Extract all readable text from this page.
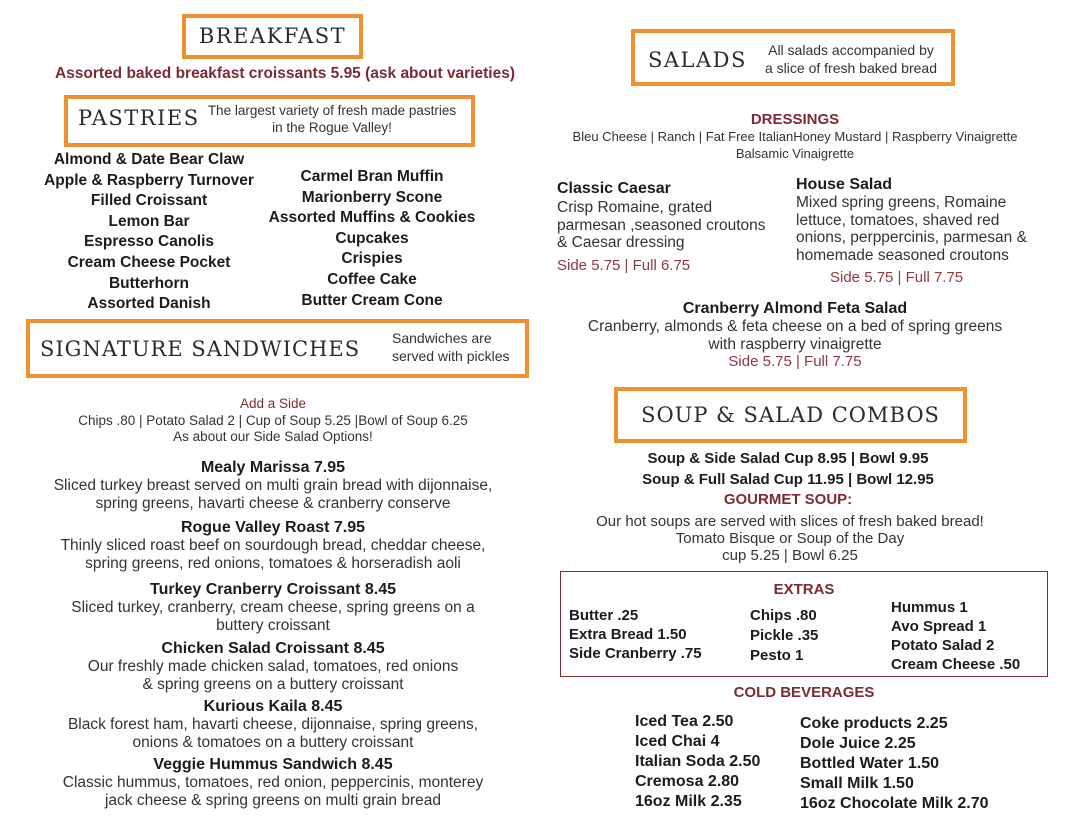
BREAKFAST
Assorted baked breakfast croissants 5.95 (ask about varieties)
PASTRIES The largest variety of fresh made pastries
in the Rogue Valley!
Almond & Date Bear Claw
Apple & Raspberry Turnover
Filled Croissant
Lemon Bar
Espresso Canolis
Cream Cheese Pocket
Butterhorn
Assorted Danish
Carmel Bran Muffin
Marionberry Scone
Assorted Muffins & Cookies
Cupcakes
Crispies
Coffee Cake
Butter Cream Cone
SIGNATURE SANDWICHES Sandwiches are
served with pickles
Add a Side
Chips .80 | Potato Salad 2 | Cup of Soup 5.25 |Bowl of Soup 6.25
As about our Side Salad Options!
Mealy Marissa 7.95
Sliced turkey breast served on multi grain bread with dijonnaise,
spring greens, havarti cheese & cranberry conserve
Rogue Valley Roast 7.95
Thinly sliced roast beef on sourdough bread, cheddar cheese,
spring greens, red onions, tomatoes & horseradish aoli
Turkey Cranberry Croissant 8.45
Sliced turkey, cranberry, cream cheese, spring greens on a
buttery croissant
Chicken Salad Croissant 8.45
Our freshly made chicken salad, tomatoes, red onions
& spring greens on a buttery croissant
Kurious Kaila 8.45
Black forest ham, havarti cheese, dijonnaise, spring greens,
onions & tomatoes on a buttery croissant
Veggie Hummus Sandwich 8.45
Classic hummus, tomatoes, red onion, peppercinis, monterey
jack cheese & spring greens on multi grain bread
SALADS	All salads accompanied by
a slice of fresh baked bread
DRESSINGS
Bleu Cheese | Ranch | Fat Free ItalianHoney Mustard | Raspberry Vinaigrette
Balsamic Vinaigrette
Classic Caesar
Crisp Romaine, grated
parmesan ,seasoned croutons
& Caesar dressing
Side 5.75 | Full 6.75
House Salad
Mixed spring greens, Romaine
lettuce, tomatoes, shaved red
onions, perppercinis, parmesan &
homemade seasoned croutons
Side 5.75 | Full 7.75
Cranberry Almond Feta Salad
Cranberry, almonds & feta cheese on a bed of spring greens
with raspberry vinaigrette
Side 5.75 | Full 7.75
SOUP & SALAD COMBOS
Soup & Side Salad Cup 8.95 | Bowl 9.95
Soup & Full Salad Cup 11.95 | Bowl 12.95
GOURMET SOUP:
Our hot soups are served with slices of fresh baked bread!
Tomato Bisque or Soup of the Day
cup 5.25 | Bowl 6.25
EXTRAS
Butter .25
Extra Bread 1.50
Side Cranberry .75
Chips .80
Pickle .35
Pesto 1
Hummus 1
Avo Spread 1
Potato Salad 2
Cream Cheese .50
COLD BEVERAGES
Iced Tea 2.50
Iced Chai 4
Italian Soda 2.50
Cremosa 2.80
16oz Milk 2.35
Coke products 2.25
Dole Juice 2.25
Bottled Water 1.50
Small Milk 1.50
16oz Chocolate Milk 2.70
